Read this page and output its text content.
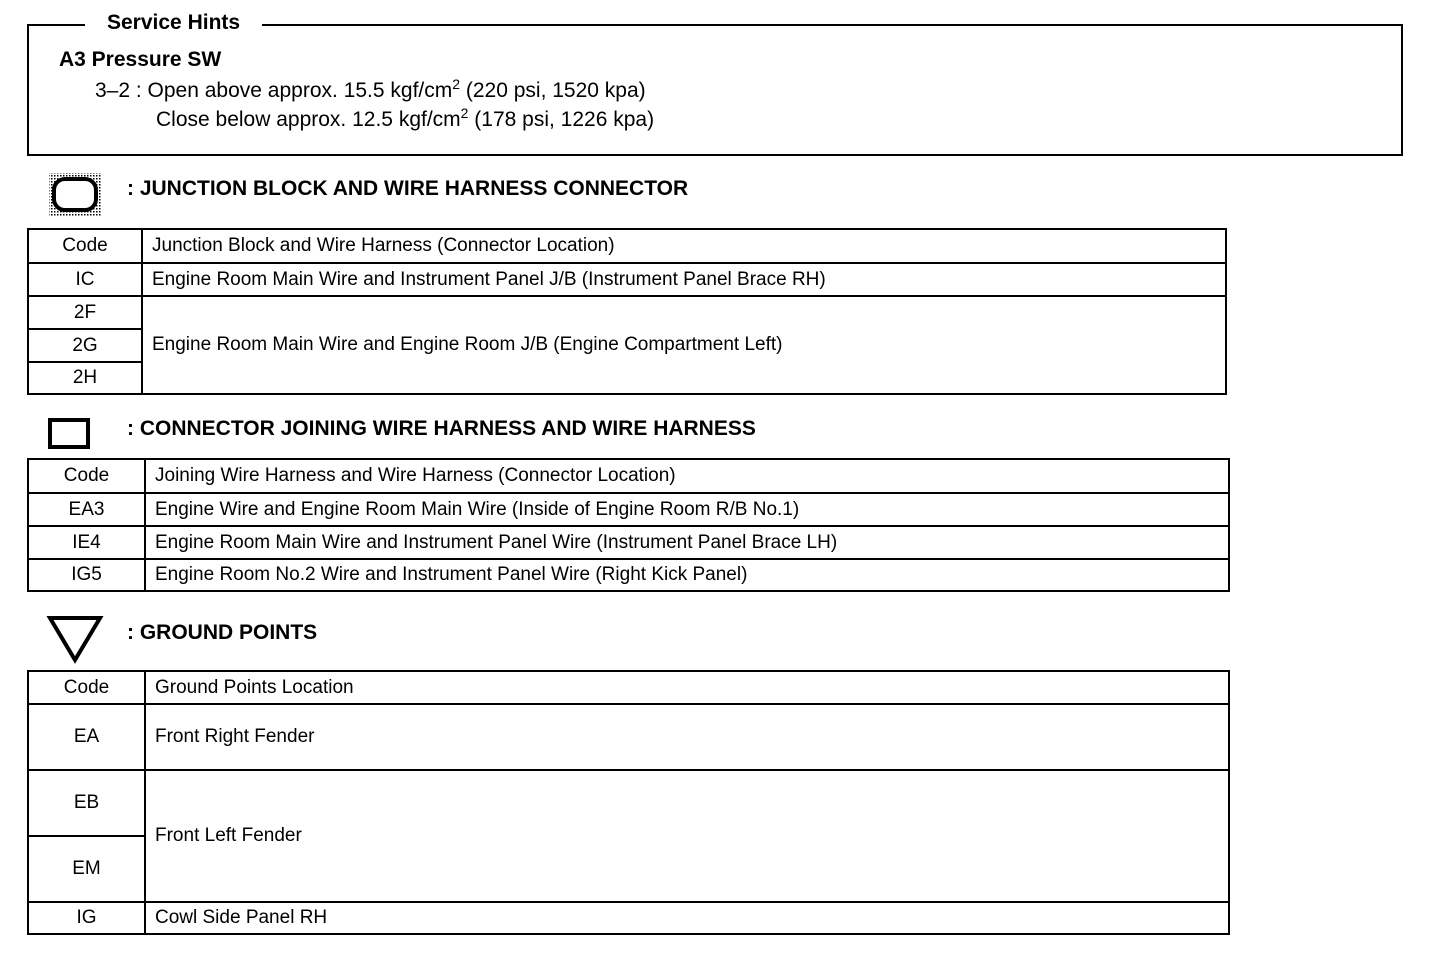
A3 Pressure SW
3–2 : Open above approx. 15.5 kgf/$cm^2$ (220 psi, 1520 kpa)
Close below approx. 12.5 kgf/$cm^2$ (178 psi, 1226 kpa)
Service Hints
: JUNCTION BLOCK AND WIRE HARNESS CONNECTOR
Code	Junction Block and Wire Harness (Connector Location)
IC	Engine Room Main Wire and Instrument Panel J/B (Instrument Panel Brace RH)
2F	Engine Room Main Wire and Engine Room J/B (Engine Compartment Left)
2G	
2H	
: CONNECTOR JOINING WIRE HARNESS AND WIRE HARNESS
Code	Joining Wire Harness and Wire Harness (Connector Location)
EA3	Engine Wire and Engine Room Main Wire (Inside of Engine Room R/B No.1)
IE4	Engine Room Main Wire and Instrument Panel Wire (Instrument Panel Brace LH)
IG5	Engine Room No.2 Wire and Instrument Panel Wire (Right Kick Panel)
: GROUND POINTS
Code	Ground Points Location
EA	Front Right Fender
EB	Front Left Fender
EM	
IG	Cowl Side Panel RH
